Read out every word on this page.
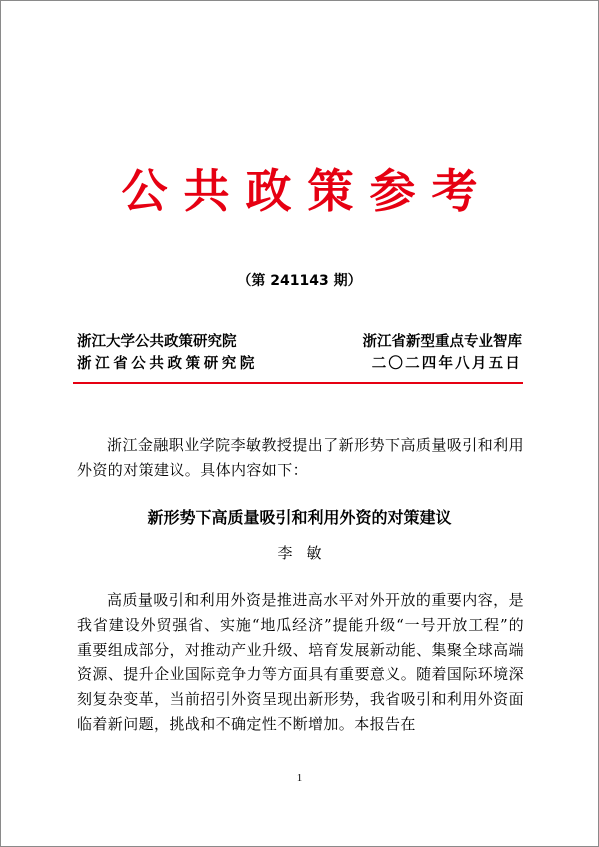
公共政策参考
（第 241143 期）
浙江大学公共政策研究院	浙江省新型重点专业智库
浙江省公共政策研究院	二〇二四年八月五日

浙江金融职业学院李敏教授提出了新形势下高质量吸引和利用外资的对策建议。具体内容如下：

新形势下高质量吸引和利用外资的对策建议
李敏

高质量吸引和利用外资是推进高水平对外开放的重要内容，是我省建设外贸强省、实施“地瓜经济”提能升级“一号开放工程”的重要组成部分，对推动产业升级、培育发展新动能、集聚全球高端资源、提升企业国际竞争力等方面具有重要意义。随着国际环境深刻复杂变革，当前招引外资呈现出新形势，我省吸引和利用外资面临着新问题，挑战和不确定性不断增加。本报告在

1
